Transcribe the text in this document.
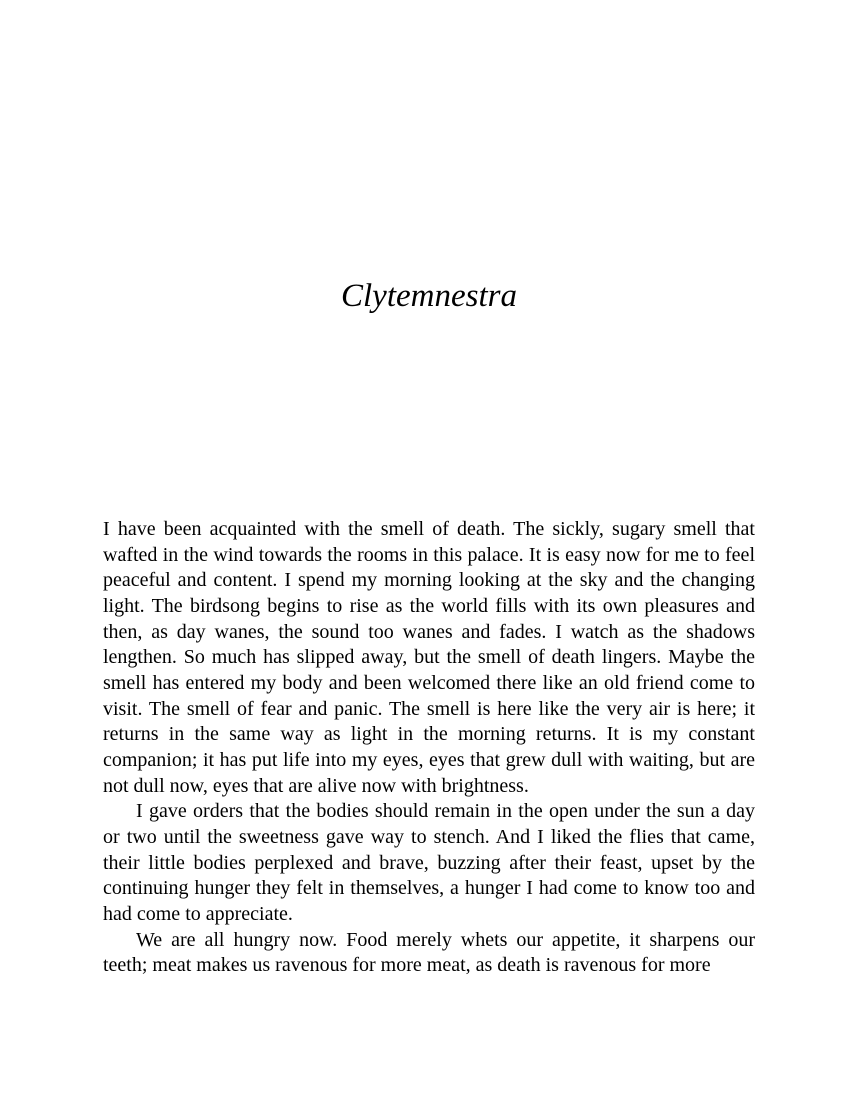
Clytemnestra

I have been acquainted with the smell of death. The sickly, sugary smell that wafted in the wind towards the rooms in this palace. It is easy now for me to feel peaceful and content. I spend my morning looking at the sky and the changing light. The birdsong begins to rise as the world fills with its own pleasures and then, as day wanes, the sound too wanes and fades. I watch as the shadows lengthen. So much has slipped away, but the smell of death lingers. Maybe the smell has entered my body and been welcomed there like an old friend come to visit. The smell of fear and panic. The smell is here like the very air is here; it returns in the same way as light in the morning returns. It is my constant companion; it has put life into my eyes, eyes that grew dull with waiting, but are not dull now, eyes that are alive now with brightness.

I gave orders that the bodies should remain in the open under the sun a day or two until the sweetness gave way to stench. And I liked the flies that came, their little bodies perplexed and brave, buzzing after their feast, upset by the continuing hunger they felt in themselves, a hunger I had come to know too and had come to appreciate.

We are all hungry now. Food merely whets our appetite, it sharpens our teeth; meat makes us ravenous for more meat, as death is ravenous for more
